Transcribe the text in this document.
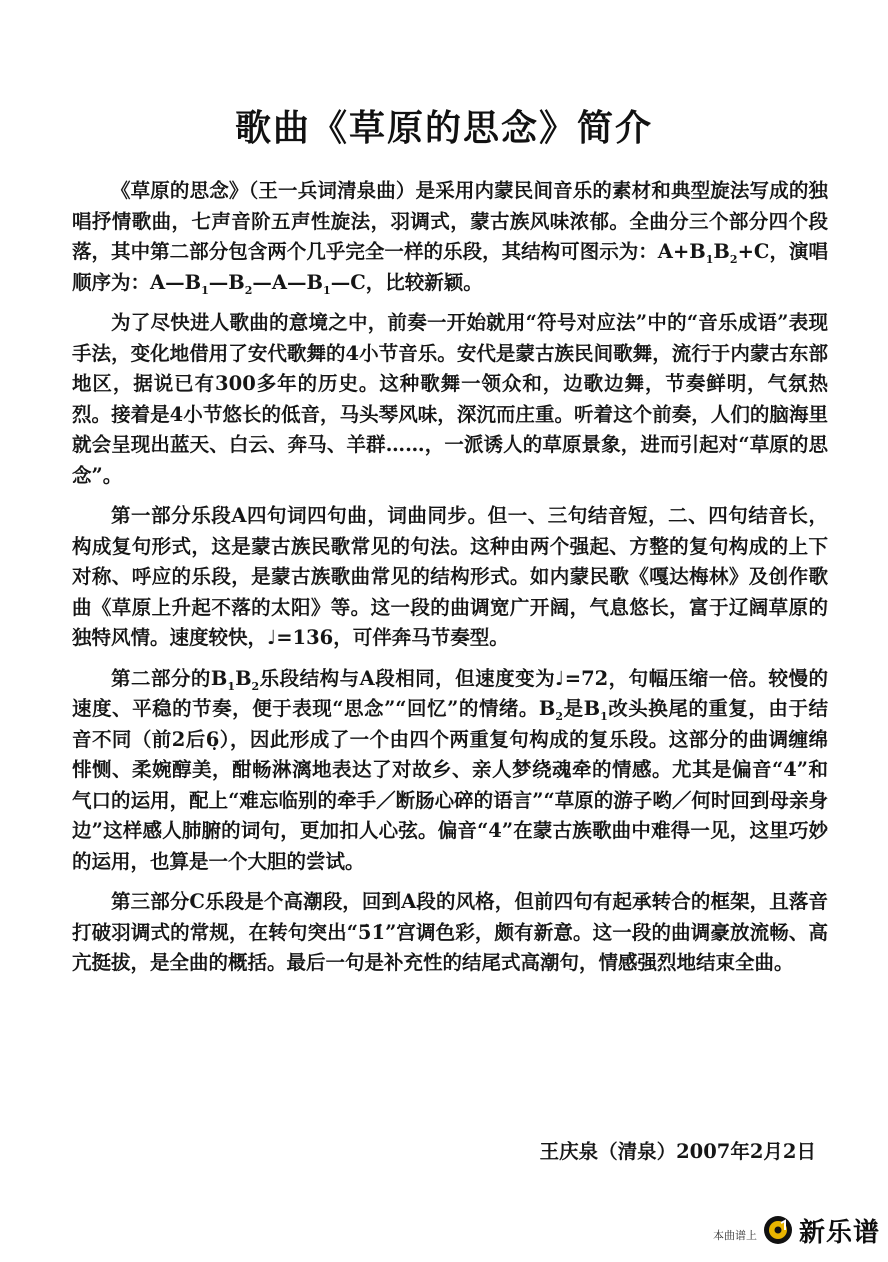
歌曲《草原的思念》简介

《草原的思念》（王一兵词清泉曲）是采用内蒙民间音乐的素材和典型旋法写成的独唱抒情歌曲，七声音阶五声性旋法，羽调式，蒙古族风味浓郁。全曲分三个部分四个段落，其中第二部分包含两个几乎完全一样的乐段，其结构可图示为：$A+B_1B_2+C$，演唱顺序为：$A—B_1—B_2—A—B_1—C$，比较新颖。

为了尽快进人歌曲的意境之中，前奏一开始就用“符号对应法”中的“音乐成语”表现手法，变化地借用了安代歌舞的4小节音乐。安代是蒙古族民间歌舞，流行于内蒙古东部地区，据说已有300多年的历史。这种歌舞一领众和，边歌边舞，节奏鲜明，气氛热烈。接着是4小节悠长的低音，马头琴风味，深沉而庄重。听着这个前奏，人们的脑海里就会呈现出蓝天、白云、奔马、羊群……，一派诱人的草原景象，进而引起对“草原的思念”。

第一部分乐段A四句词四句曲，词曲同步。但一、三句结音短，二、四句结音长，构成复句形式，这是蒙古族民歌常见的句法。这种由两个强起、方整的复句构成的上下对称、呼应的乐段，是蒙古族歌曲常见的结构形式。如内蒙民歌《嘎达梅林》及创作歌曲《草原上升起不落的太阳》等。这一段的曲调宽广开阔，气息悠长，富于辽阔草原的独特风情。速度较快，♩=136，可伴奔马节奏型。

第二部分的$B_1B_2$乐段结构与A段相同，但速度变为♩=72，句幅压缩一倍。较慢的速度、平稳的节奏，便于表现“思念”“回忆”的情绪。$B_2$是$B_1$改头换尾的重复，由于结音不同（前2后6̣），因此形成了一个由四个两重复句构成的复乐段。这部分的曲调缠绵悱恻、柔婉醇美，酣畅淋漓地表达了对故乡、亲人梦绕魂牵的情感。尤其是偏音“4”和气口的运用，配上“难忘临别的牵手／断肠心碎的语言”“草原的游子哟／何时回到母亲身边”这样感人肺腑的词句，更加扣人心弦。偏音“4”在蒙古族歌曲中难得一见，这里巧妙的运用，也算是一个大胆的尝试。

第三部分C乐段是个高潮段，回到A段的风格，但前四句有起承转合的框架，且落音打破羽调式的常规，在转句突出“5̇1̇”宫调色彩，颇有新意。这一段的曲调豪放流畅、高亢挺拔，是全曲的概括。最后一句是补充性的结尾式高潮句，情感强烈地结束全曲。

王庆泉（清泉）2007年2月2日
本曲谱上 新乐谱
